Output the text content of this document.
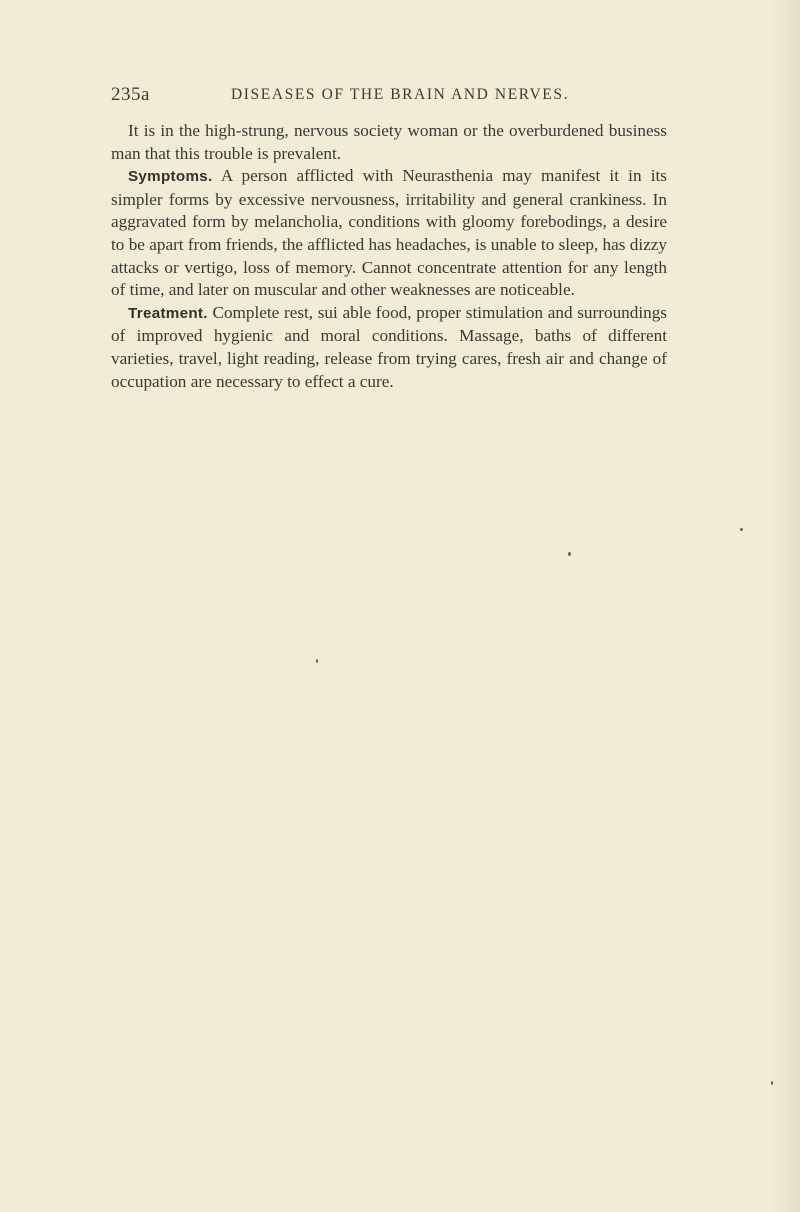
235a	DISEASES OF THE BRAIN AND NERVES.

It is in the high-strung, nervous society woman or the overburdened business man that this trouble is prevalent.

Symptoms. A person afflicted with Neurasthenia may manifest it in its simpler forms by excessive nervousness, irritability and general crankiness. In aggravated form by melancholia, conditions with gloomy forebodings, a desire to be apart from friends, the afflicted has headaches, is unable to sleep, has dizzy attacks or vertigo, loss of memory. Cannot concentrate attention for any length of time, and later on muscular and other weaknesses are noticeable.

Treatment. Complete rest, sui able food, proper stimulation and surroundings of improved hygienic and moral conditions. Massage, baths of different varieties, travel, light reading, release from trying cares, fresh air and change of occupation are necessary to effect a cure.
